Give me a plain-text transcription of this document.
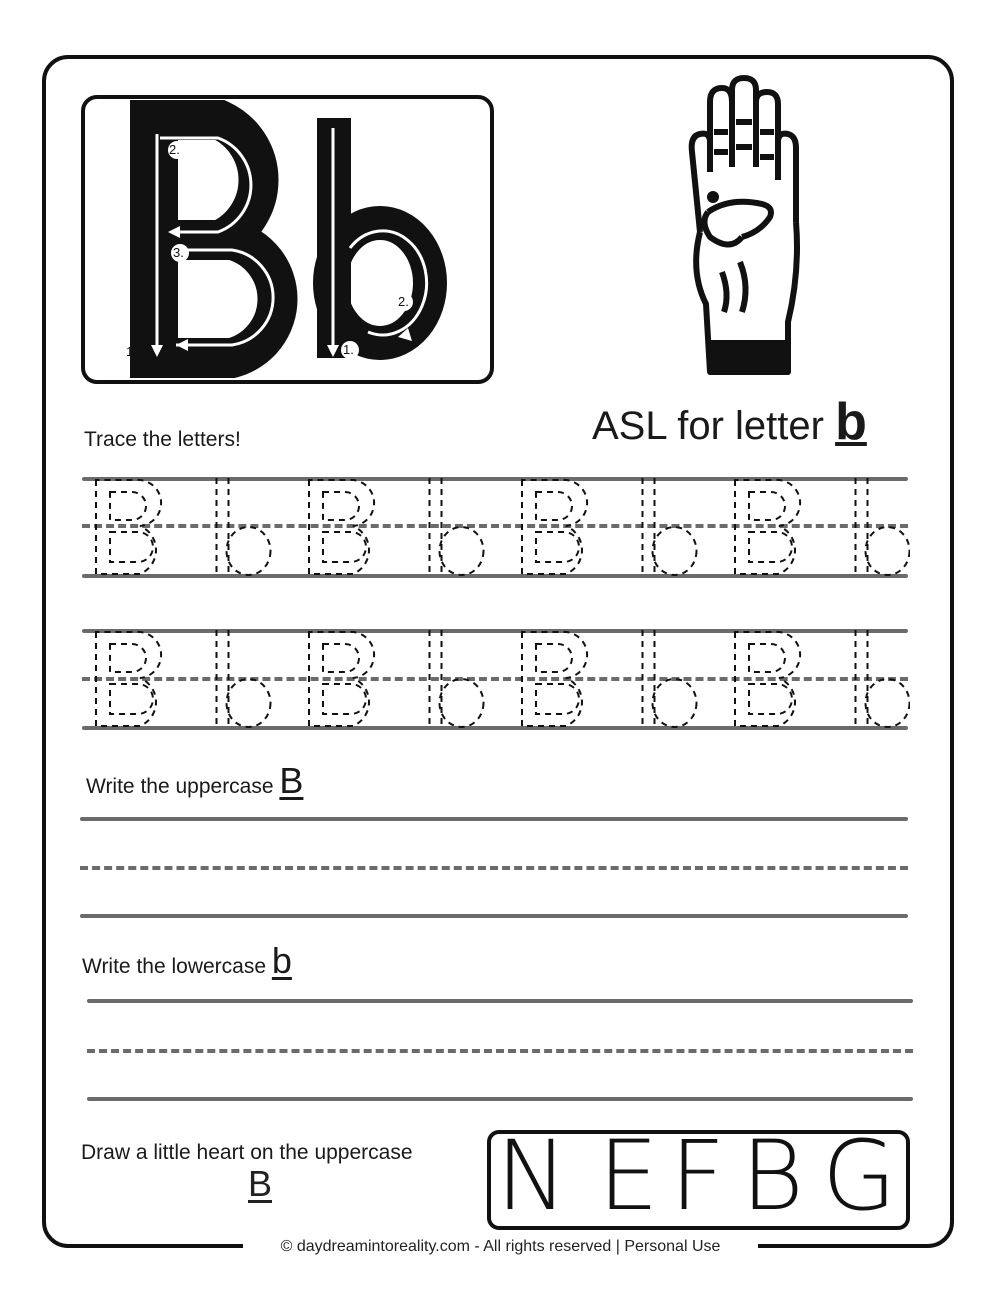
2.
3.
1.
2.
1.
ASL for letter b
Trace the letters!
Write the uppercase B
Write the lowercase b
Draw a little heart on the uppercase
B N E F B G
© daydreamintoreality.com - All rights reserved | Personal Use
